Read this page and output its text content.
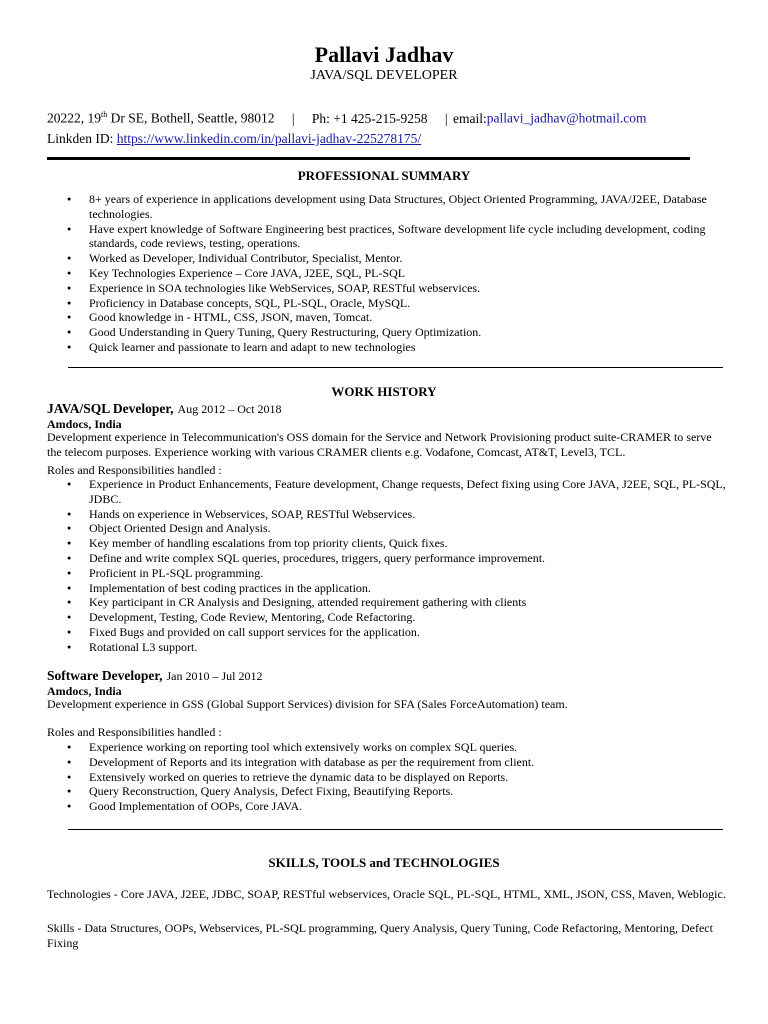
Pallavi Jadhav
JAVA/SQL DEVELOPER
20222, 19th Dr SE, Bothell, Seattle, 98012 | Ph: +1 425-215-9258 | email:pallavi_jadhav@hotmail.com
Linkden ID: https://www.linkedin.com/in/pallavi-jadhav-225278175/
PROFESSIONAL SUMMARY
● 8+ years of experience in applications development using Data Structures, Object Oriented Programming, JAVA/J2EE, Database technologies.
● Have expert knowledge of Software Engineering best practices, Software development life cycle including development, coding standards, code reviews, testing, operations.
● Worked as Developer, Individual Contributor, Specialist, Mentor.
● Key Technologies Experience – Core JAVA, J2EE, SQL, PL-SQL
● Experience in SOA technologies like WebServices, SOAP, RESTful webservices.
● Proficiency in Database concepts, SQL, PL-SQL, Oracle, MySQL.
● Good knowledge in - HTML, CSS, JSON, maven, Tomcat.
● Good Understanding in Query Tuning, Query Restructuring, Query Optimization.
● Quick learner and passionate to learn and adapt to new technologies
WORK HISTORY
JAVA/SQL Developer, Aug 2012 – Oct 2018
Amdocs, India
Development experience in Telecommunication's OSS domain for the Service and Network Provisioning product suite-CRAMER to serve the telecom purposes. Experience working with various CRAMER clients e.g. Vodafone, Comcast, AT&T, Level3, TCL.
Roles and Responsibilities handled :
● Experience in Product Enhancements, Feature development, Change requests, Defect fixing using Core JAVA, J2EE, SQL, PL-SQL, JDBC.
● Hands on experience in Webservices, SOAP, RESTful Webservices.
● Object Oriented Design and Analysis.
● Key member of handling escalations from top priority clients, Quick fixes.
● Define and write complex SQL queries, procedures, triggers, query performance improvement.
● Proficient in PL-SQL programming.
● Implementation of best coding practices in the application.
● Key participant in CR Analysis and Designing, attended requirement gathering with clients
● Development, Testing, Code Review, Mentoring, Code Refactoring.
● Fixed Bugs and provided on call support services for the application.
● Rotational L3 support.
Software Developer, Jan 2010 – Jul 2012
Amdocs, India
Development experience in GSS (Global Support Services) division for SFA (Sales ForceAutomation) team.
Roles and Responsibilities handled :
● Experience working on reporting tool which extensively works on complex SQL queries.
● Development of Reports and its integration with database as per the requirement from client.
● Extensively worked on queries to retrieve the dynamic data to be displayed on Reports.
● Query Reconstruction, Query Analysis, Defect Fixing, Beautifying Reports.
● Good Implementation of OOPs, Core JAVA.
SKILLS, TOOLS and TECHNOLOGIES
Technologies - Core JAVA, J2EE, JDBC, SOAP, RESTful webservices, Oracle SQL, PL-SQL, HTML, XML, JSON, CSS, Maven, Weblogic.
Skills - Data Structures, OOPs, Webservices, PL-SQL programming, Query Analysis, Query Tuning, Code Refactoring, Mentoring, Defect Fixing
